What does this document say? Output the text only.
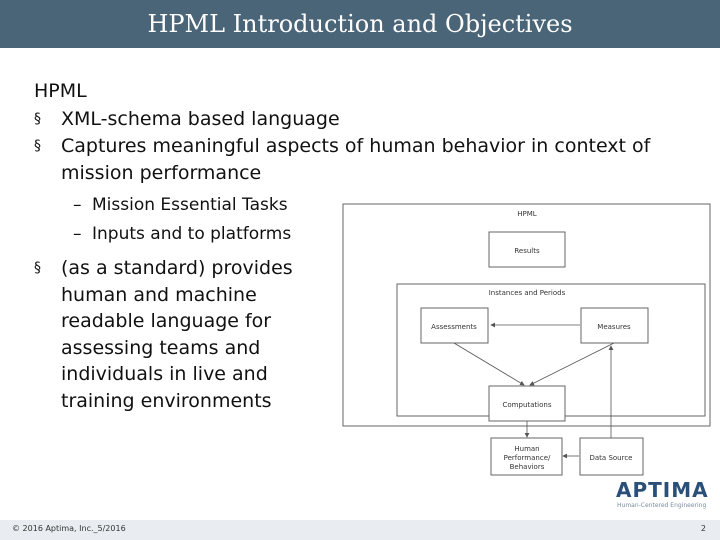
HPML Introduction and Objectives

HPML

§ XML-schema based language

§ Captures meaningful aspects of human behavior in context of mission performance

– Mission Essential Tasks

– Inputs and to platforms

§ (as a standard) provides human and machine readable language for assessing teams and individuals in live and training environments

HPML
Results
Instances and Periods
Assessments	Measures
Computations
Human
Performance/
Behaviors
Data Source
APTIMA
Human-Centered Engineering
© 2016 Aptima, Inc._5/2016	2
